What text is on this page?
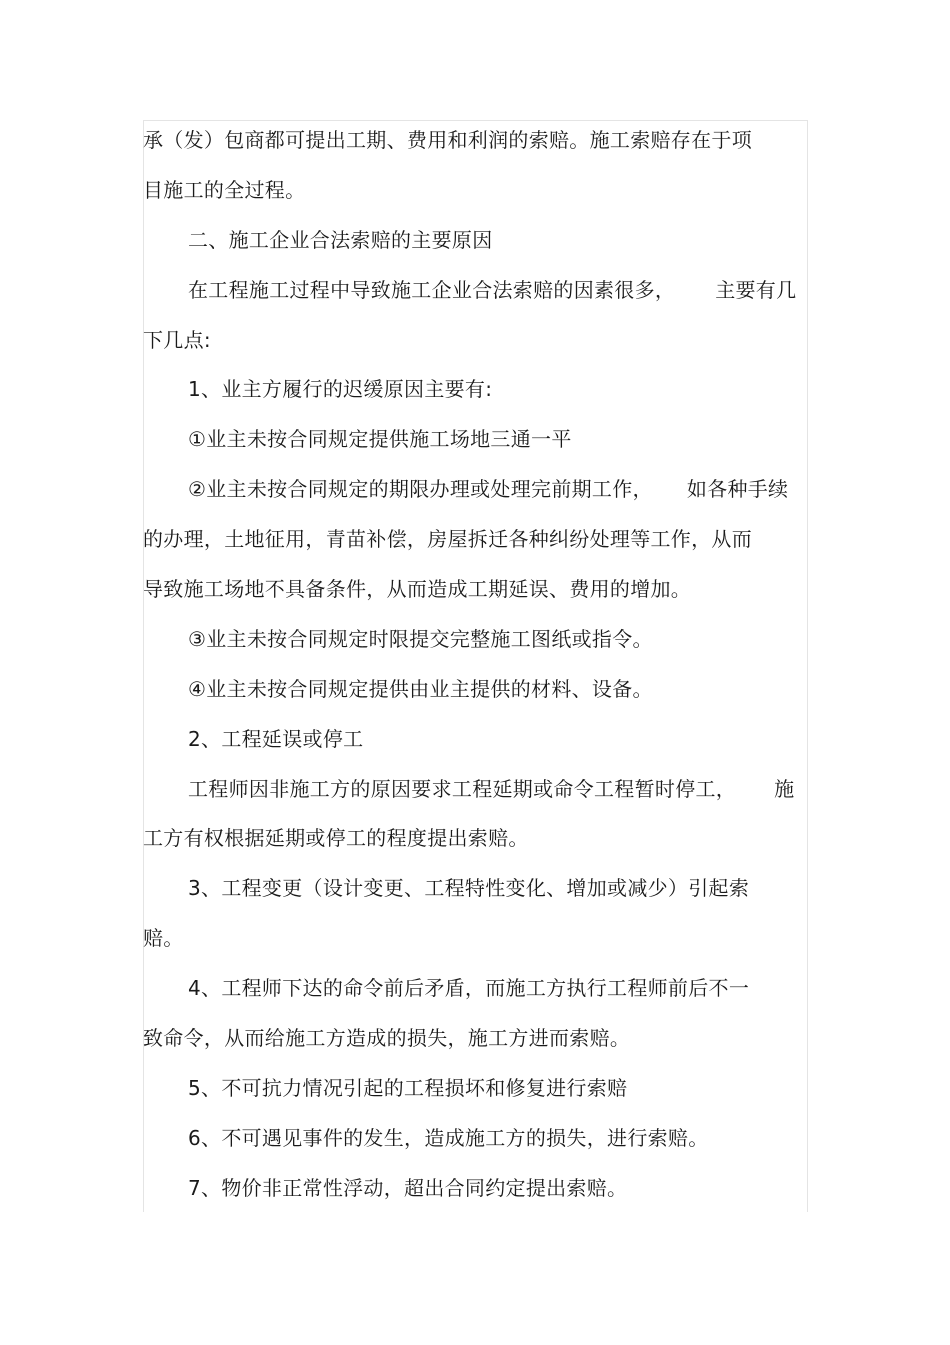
承（发）包商都可提出工期、费用和利润的索赔。施工索赔存在于项
目施工的全过程。
二、施工企业合法索赔的主要原因
在工程施工过程中导致施工企业合法索赔的因素很多， 主要有几
下几点:
1、业主方履行的迟缓原因主要有:
①业主未按合同规定提供施工场地三通一平
②业主未按合同规定的期限办理或处理完前期工作， 如各种手续
的办理，土地征用，青苗补偿，房屋拆迁各种纠纷处理等工作，从而
导致施工场地不具备条件，从而造成工期延误、费用的增加。
③业主未按合同规定时限提交完整施工图纸或指令。
④业主未按合同规定提供由业主提供的材料、设备。
2、工程延误或停工
工程师因非施工方的原因要求工程延期或命令工程暂时停工， 施
工方有权根据延期或停工的程度提出索赔。
3、工程变更（设计变更、工程特性变化、增加或减少）引起索
赔。
4、工程师下达的命令前后矛盾，而施工方执行工程师前后不一
致命令，从而给施工方造成的损失，施工方进而索赔。
5、不可抗力情况引起的工程损坏和修复进行索赔
6、不可遇见事件的发生，造成施工方的损失，进行索赔。
7、物价非正常性浮动，超出合同约定提出索赔。
